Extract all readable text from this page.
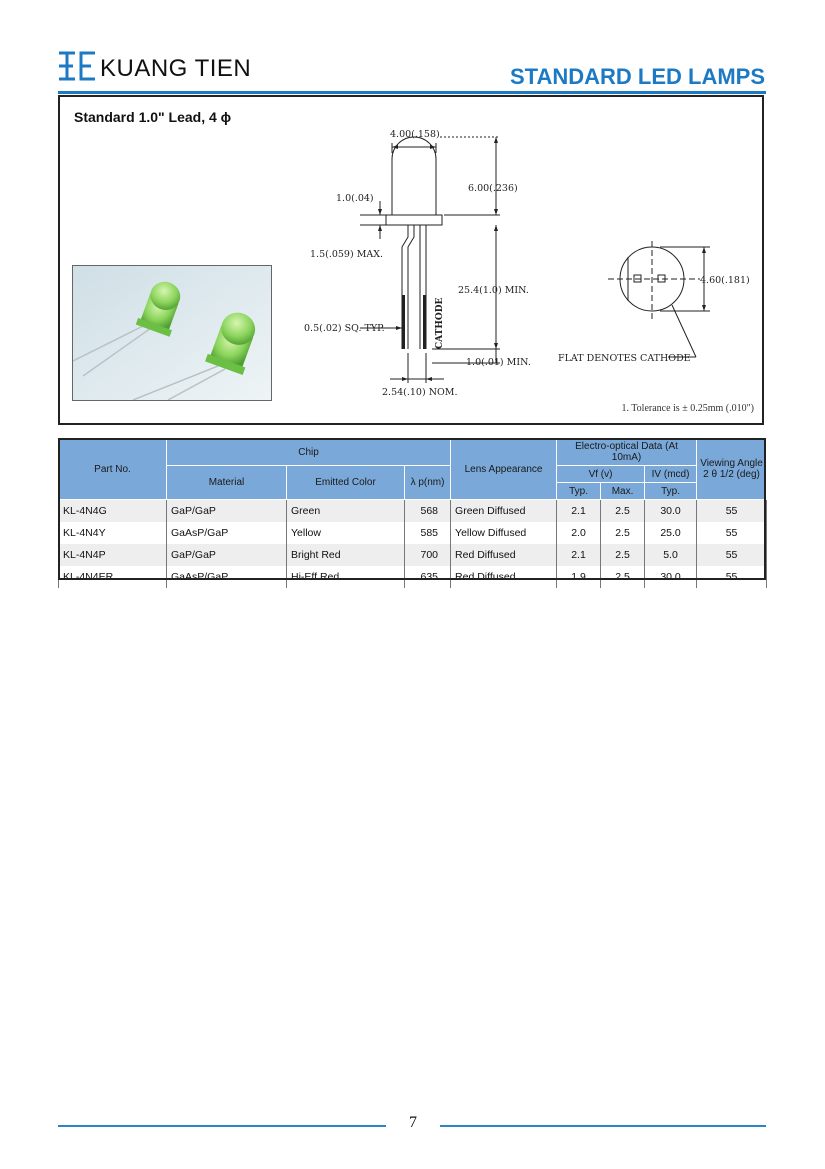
KUANG TIEN	STANDARD LED LAMPS
Standard 1.0" Lead, 4 ϕ
4.00(.158)
6.00(.236)
1.0(.04)
1.5(.059) MAX.
25.4(1.0) MIN.
0.5(.02) SQ. TYP.	CATHODE
1.0(.01) MIN.
2.54(.10) NOM.
4.60(.181)
FLAT DENOTES CATHODE
1. Tolerance is ± 0.25mm (.010")
Part No.	Chip			Lens Appearance	Electro-optical Data (At 10mA)			Viewing Angle 2 θ 1/2 (deg)
	Material	Emitted Color	λ p(nm)		Vf (v)		IV (mcd)	
					Typ.	Max.	Typ.	
KL-4N4G	GaP/GaP	Green	568	Green Diffused	2.1	2.5	30.0	55
KL-4N4Y	GaAsP/GaP	Yellow	585	Yellow Diffused	2.0	2.5	25.0	55
KL-4N4P	GaP/GaP	Bright Red	700	Red Diffused	2.1	2.5	5.0	55
KL-4N4ER	GaAsP/GaP	Hi-Eff Red	635	Red Diffused	1.9	2.5	30.0	55
7
